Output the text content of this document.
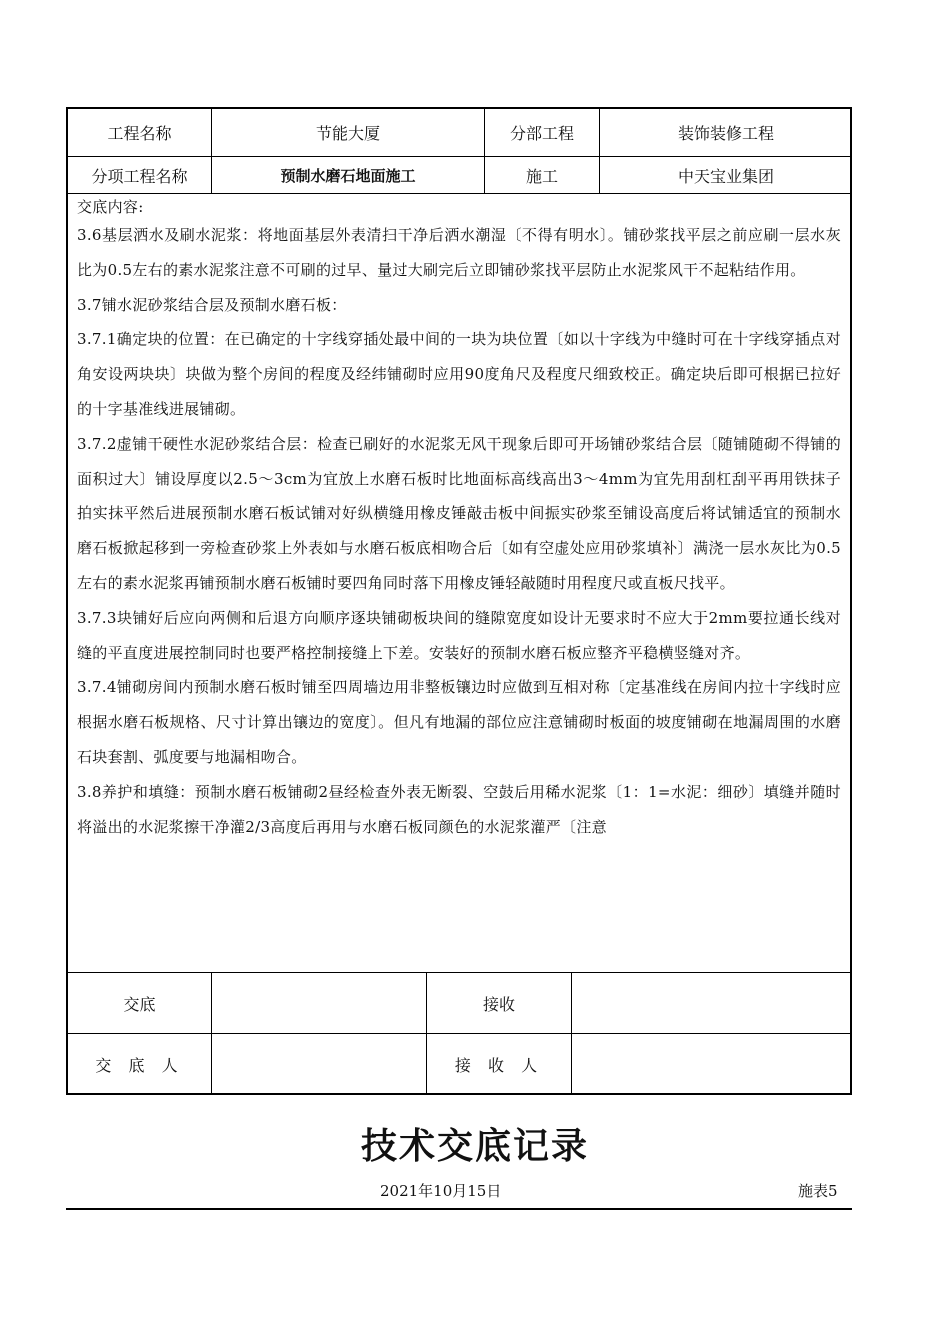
工程名称	节能大厦	分部工程	装饰装修工程
分项工程名称	预制水磨石地面施工	施工	中天宝业集团
交底内容:

3.6基层洒水及刷水泥浆：将地面基层外表清扫干净后洒水潮湿〔不得有明水〕。铺砂浆找平层之前应刷一层水灰比为0.5左右的素水泥浆注意不可刷的过早、量过大刷完后立即铺砂浆找平层防止水泥浆风干不起粘结作用。

3.7铺水泥砂浆结合层及预制水磨石板：

3.7.1确定块的位置：在已确定的十字线穿插处最中间的一块为块位置〔如以十字线为中缝时可在十字线穿插点对角安设两块块〕块做为整个房间的程度及经纬铺砌时应用90度角尺及程度尺细致校正。确定块后即可根据已拉好的十字基准线进展铺砌。

3.7.2虚铺干硬性水泥砂浆结合层：检查已刷好的水泥浆无风干现象后即可开场铺砂浆结合层〔随铺随砌不得铺的面积过大〕铺设厚度以2.5～3cm为宜放上水磨石板时比地面标高线高出3～4mm为宜先用刮杠刮平再用铁抹子拍实抹平然后进展预制水磨石板试铺对好纵横缝用橡皮锤敲击板中间振实砂浆至铺设高度后将试铺适宜的预制水磨石板掀起移到一旁检查砂浆上外表如与水磨石板底相吻合后〔如有空虚处应用砂浆填补〕满浇一层水灰比为0.5左右的素水泥浆再铺预制水磨石板铺时要四角同时落下用橡皮锤轻敲随时用程度尺或直板尺找平。

3.7.3块铺好后应向两侧和后退方向顺序逐块铺砌板块间的缝隙宽度如设计无要求时不应大于2mm要拉通长线对缝的平直度进展控制同时也要严格控制接缝上下差。安装好的预制水磨石板应整齐平稳横竖缝对齐。

3.7.4铺砌房间内预制水磨石板时铺至四周墙边用非整板镶边时应做到互相对称〔定基准线在房间内拉十字线时应根据水磨石板规格、尺寸计算出镶边的宽度〕。但凡有地漏的部位应注意铺砌时板面的坡度铺砌在地漏周围的水磨石块套割、弧度要与地漏相吻合。

3.8养护和填缝：预制水磨石板铺砌2昼经检查外表无断裂、空鼓后用稀水泥浆〔1：1=水泥：细砂〕填缝并随时将溢出的水泥浆擦干净灌2/3高度后再用与水磨石板同颜色的水泥浆灌严〔注意

交底	接收
交 底 人	接 收 人
技术交底记录
2021年10月15日	施表5
